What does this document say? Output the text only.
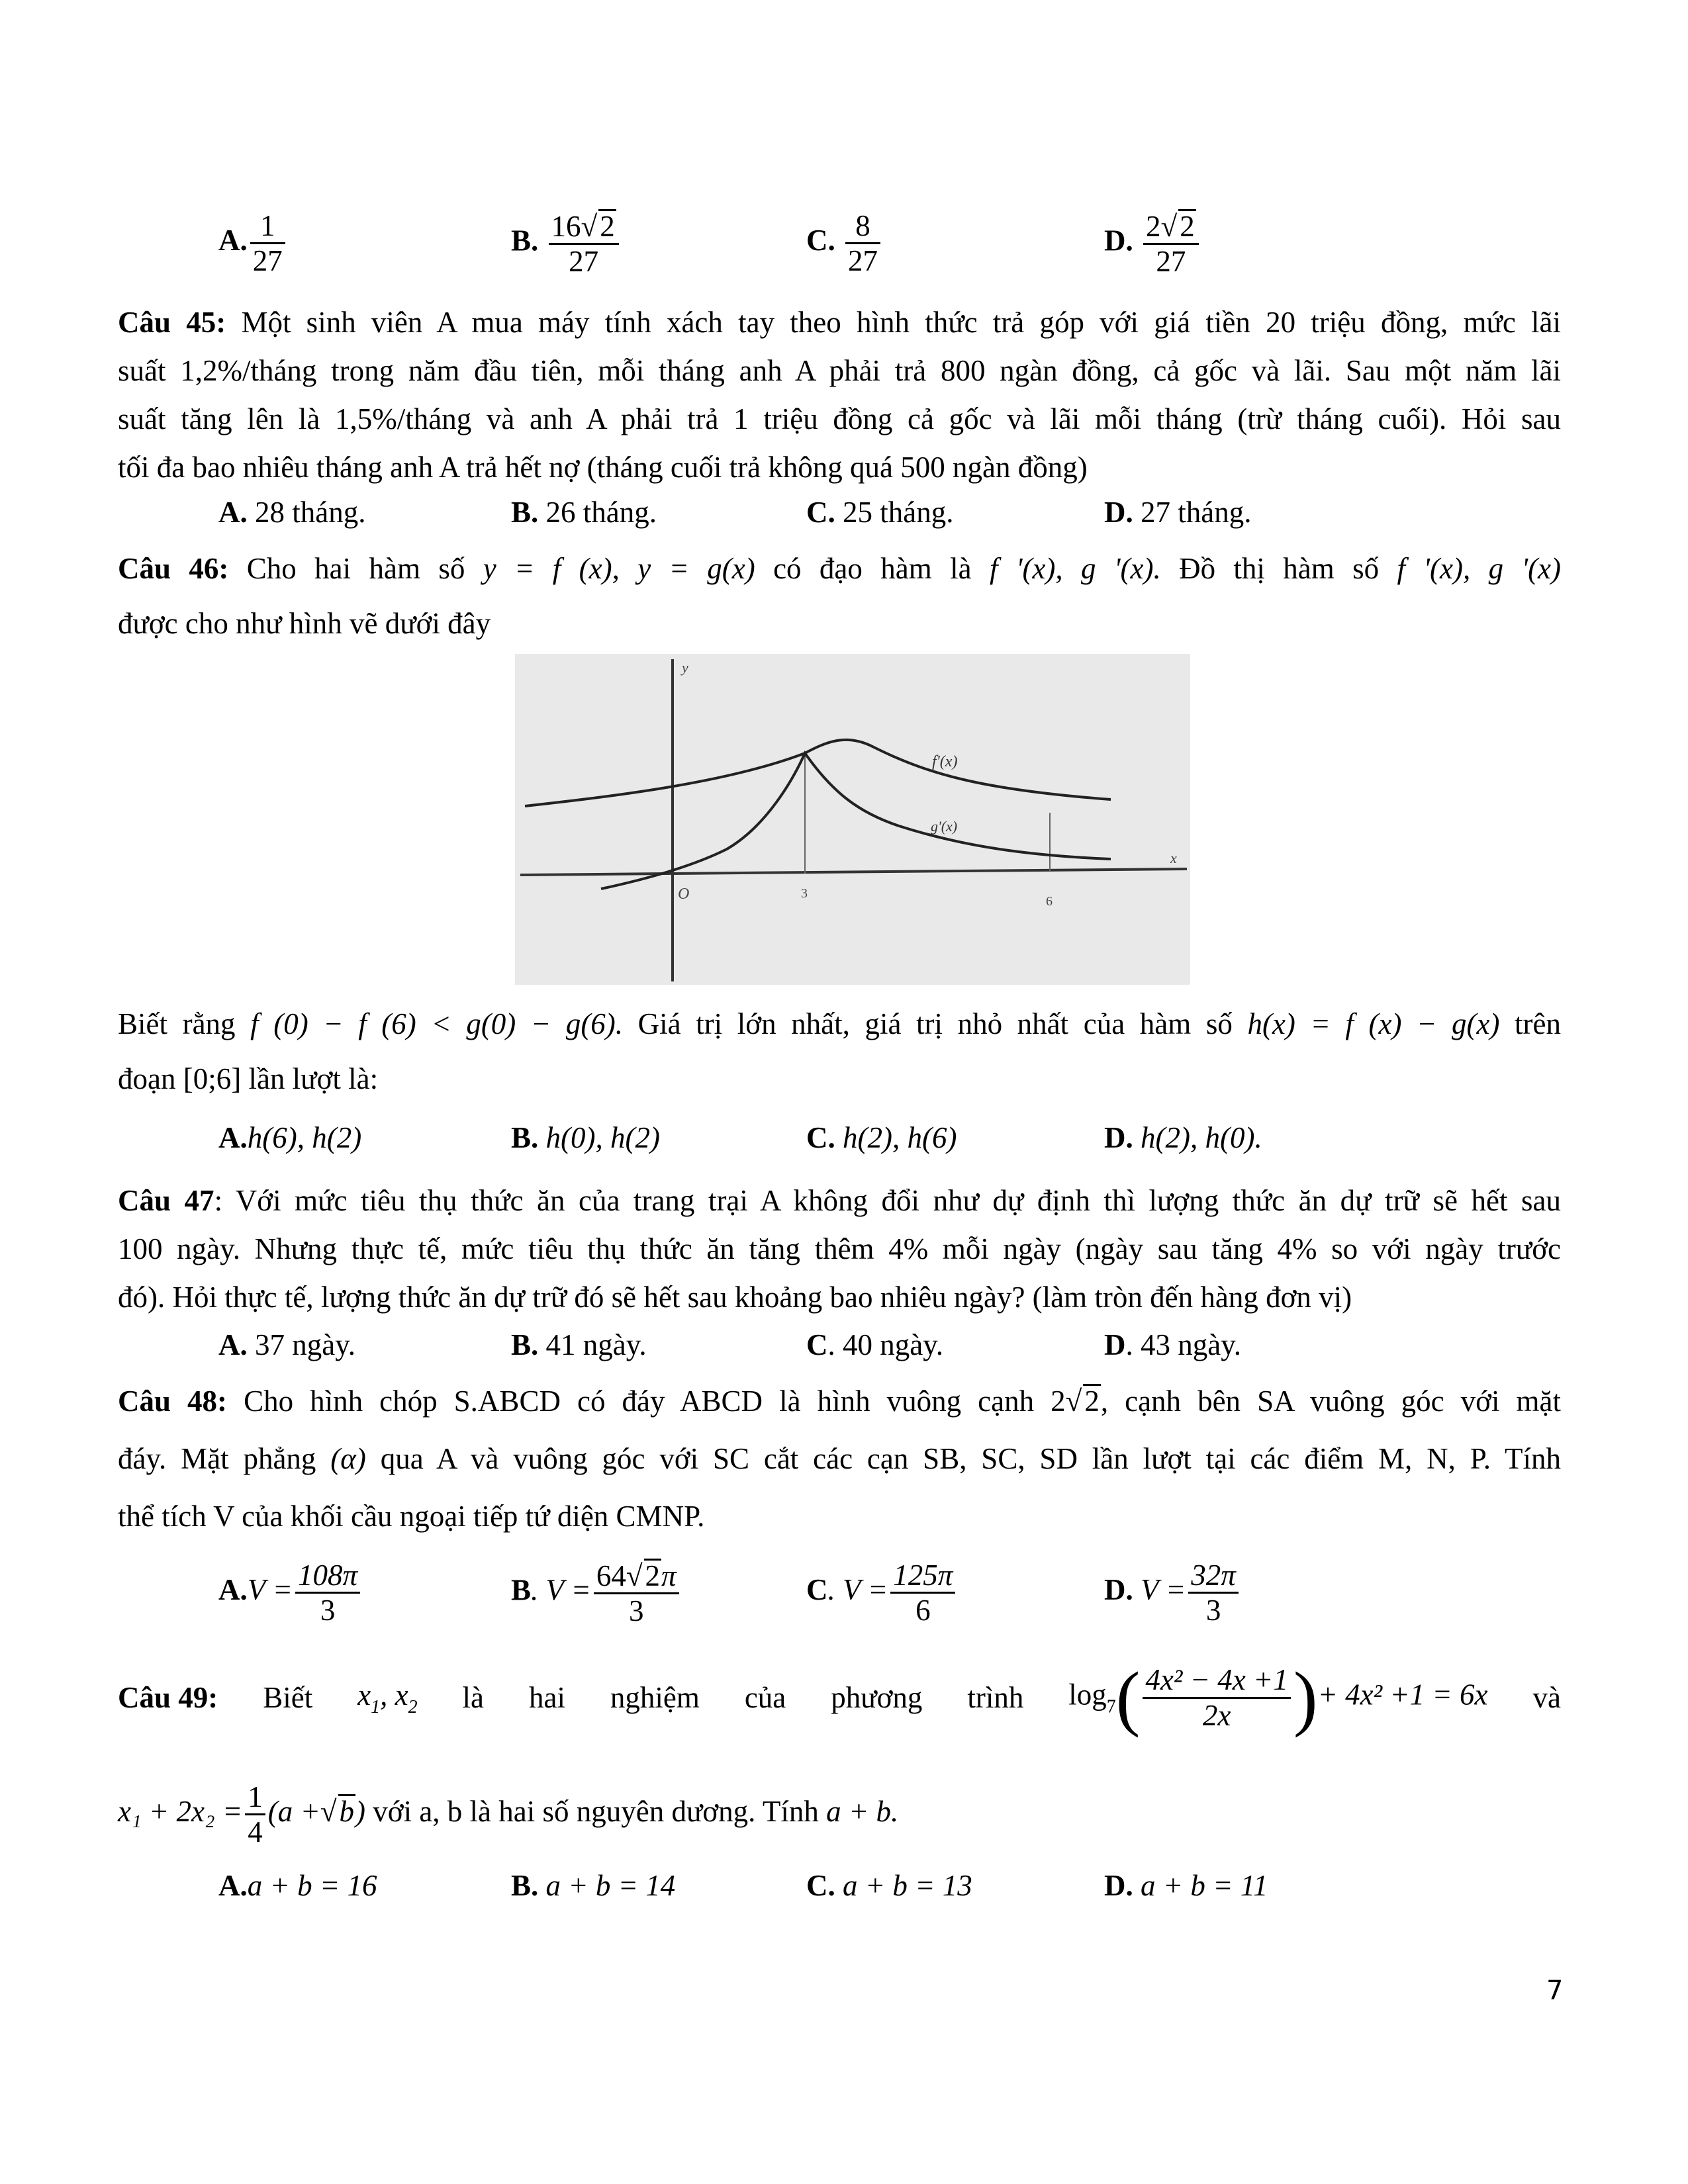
A. $\frac{1}{27}$	B. $\frac{16√2}{27}$	C. $\frac{8}{27}$	D. $\frac{2√2}{27}$
Câu 45: Một sinh viên A mua máy tính xách tay theo hình thức trả góp với giá tiền 20 triệu đồng, mức lãi
suất 1,2%/tháng trong năm đầu tiên, mỗi tháng anh A phải trả 800 ngàn đồng, cả gốc và lãi. Sau một năm lãi
suất tăng lên là 1,5%/tháng và anh A phải trả 1 triệu đồng cả gốc và lãi mỗi tháng (trừ tháng cuối). Hỏi sau
tối đa bao nhiêu tháng anh A trả hết nợ (tháng cuối trả không quá 500 ngàn đồng)
A. 28 tháng.	B. 26 tháng.	C. 25 tháng.	D. 27 tháng.
Câu 46: Cho hai hàm số y = f (x), y = g(x) có đạo hàm là f '(x), g '(x). Đồ thị hàm số f '(x), g '(x)
được cho như hình vẽ dưới đây
y
x
O	3
6
f'(x)
g'(x)
Biết rằng f (0) − f (6) < g(0) − g(6). Giá trị lớn nhất, giá trị nhỏ nhất của hàm số h(x) = f (x) − g(x) trên
đoạn [0;6] lần lượt là:
A.h(6), h(2)	B. h(0), h(2)	C. h(2), h(6)	D. h(2), h(0).
Câu 47: Với mức tiêu thụ thức ăn của trang trại A không đổi như dự định thì lượng thức ăn dự trữ sẽ hết sau
100 ngày. Nhưng thực tế, mức tiêu thụ thức ăn tăng thêm 4% mỗi ngày (ngày sau tăng 4% so với ngày trước
đó). Hỏi thực tế, lượng thức ăn dự trữ đó sẽ hết sau khoảng bao nhiêu ngày? (làm tròn đến hàng đơn vị)
A. 37 ngày.	B. 41 ngày.	C. 40 ngày.	D. 43 ngày.
Câu 48: Cho hình chóp S.ABCD có đáy ABCD là hình vuông cạnh 2√2, cạnh bên SA vuông góc với mặt
đáy. Mặt phẳng (α) qua A và vuông góc với SC cắt các cạn SB, SC, SD lần lượt tại các điểm M, N, P. Tính
thể tích V của khối cầu ngoại tiếp tứ diện CMNP.
$A.V = \frac{108\pi}{3}$	B. $V = \frac{64√2\pi}{3}$	C. $V = \frac{125\pi}{6}$	D. $V = \frac{32\pi}{3}$
Câu 49: Biết $x_1$, $x_2$ là hai nghiệm của phương trình $\log_7( \frac{\text{4x² − 4x +1}}{2x}$ )+ 4x² +1 = 6x và
$x_1 + 2x_2 = \frac{1}{4} (a +√b)$ với a, b là hai số nguyên dương. Tính a + b.
A.a + b = 16	B. a + b = 14	C. a + b = 13	D. a + b = 11
7
